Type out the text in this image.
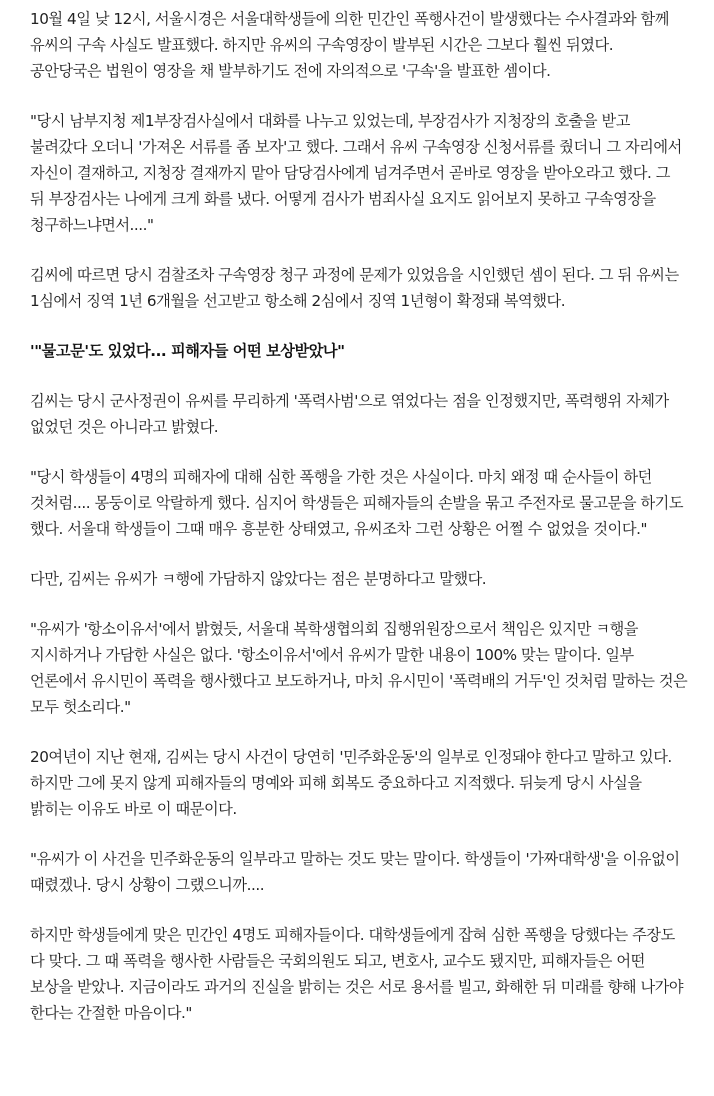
10월 4일 낮 12시, 서울시경은 서울대학생들에 의한 민간인 폭행사건이 발생했다는 수사결과와 함께 유씨의 구속 사실도 발표했다. 하지만 유씨의 구속영장이 발부된 시간은 그보다 훨씬 뒤였다. 공안당국은 법원이 영장을 채 발부하기도 전에 자의적으로 '구속'을 발표한 셈이다.

"당시 남부지청 제1부장검사실에서 대화를 나누고 있었는데, 부장검사가 지청장의 호출을 받고 불려갔다 오더니 '가져온 서류를 좀 보자'고 했다. 그래서 유씨 구속영장 신청서류를 줬더니 그 자리에서 자신이 결재하고, 지청장 결재까지 맡아 담당검사에게 넘겨주면서 곧바로 영장을 받아오라고 했다. 그 뒤 부장검사는 나에게 크게 화를 냈다. 어떻게 검사가 범죄사실 요지도 읽어보지 못하고 구속영장을 청구하느냐면서...."

김씨에 따르면 당시 검찰조차 구속영장 청구 과정에 문제가 있었음을 시인했던 셈이 된다. 그 뒤 유씨는 1심에서 징역 1년 6개월을 선고받고 항소해 2심에서 징역 1년형이 확정돼 복역했다.

'"물고문'도 있었다... 피해자들 어떤 보상받았나"

김씨는 당시 군사정권이 유씨를 무리하게 '폭력사범'으로 엮었다는 점을 인정했지만, 폭력행위 자체가 없었던 것은 아니라고 밝혔다.

"당시 학생들이 4명의 피해자에 대해 심한 폭행을 가한 것은 사실이다. 마치 왜정 때 순사들이 하던 것처럼.... 몽둥이로 악랄하게 했다. 심지어 학생들은 피해자들의 손발을 묶고 주전자로 물고문을 하기도 했다. 서울대 학생들이 그때 매우 흥분한 상태였고, 유씨조차 그런 상황은 어쩔 수 없었을 것이다."

다만, 김씨는 유씨가 ㅋ행에 가담하지 않았다는 점은 분명하다고 말했다.

"유씨가 '항소이유서'에서 밝혔듯, 서울대 복학생협의회 집행위원장으로서 책임은 있지만 ㅋ행을 지시하거나 가담한 사실은 없다. '항소이유서'에서 유씨가 말한 내용이 100% 맞는 말이다. 일부 언론에서 유시민이 폭력을 행사했다고 보도하거나, 마치 유시민이 '폭력배의 거두'인 것처럼 말하는 것은 모두 헛소리다."

20여년이 지난 현재, 김씨는 당시 사건이 당연히 '민주화운동'의 일부로 인정돼야 한다고 말하고 있다. 하지만 그에 못지 않게 피해자들의 명예와 피해 회복도 중요하다고 지적했다. 뒤늦게 당시 사실을 밝히는 이유도 바로 이 때문이다.

"유씨가 이 사건을 민주화운동의 일부라고 말하는 것도 맞는 말이다. 학생들이 '가짜대학생'을 이유없이 때렸겠나. 당시 상황이 그랬으니까....

하지만 학생들에게 맞은 민간인 4명도 피해자들이다. 대학생들에게 잡혀 심한 폭행을 당했다는 주장도 다 맞다. 그 때 폭력을 행사한 사람들은 국회의원도 되고, 변호사, 교수도 됐지만, 피해자들은 어떤 보상을 받았나. 지금이라도 과거의 진실을 밝히는 것은 서로 용서를 빌고, 화해한 뒤 미래를 향해 나가야 한다는 간절한 마음이다."
